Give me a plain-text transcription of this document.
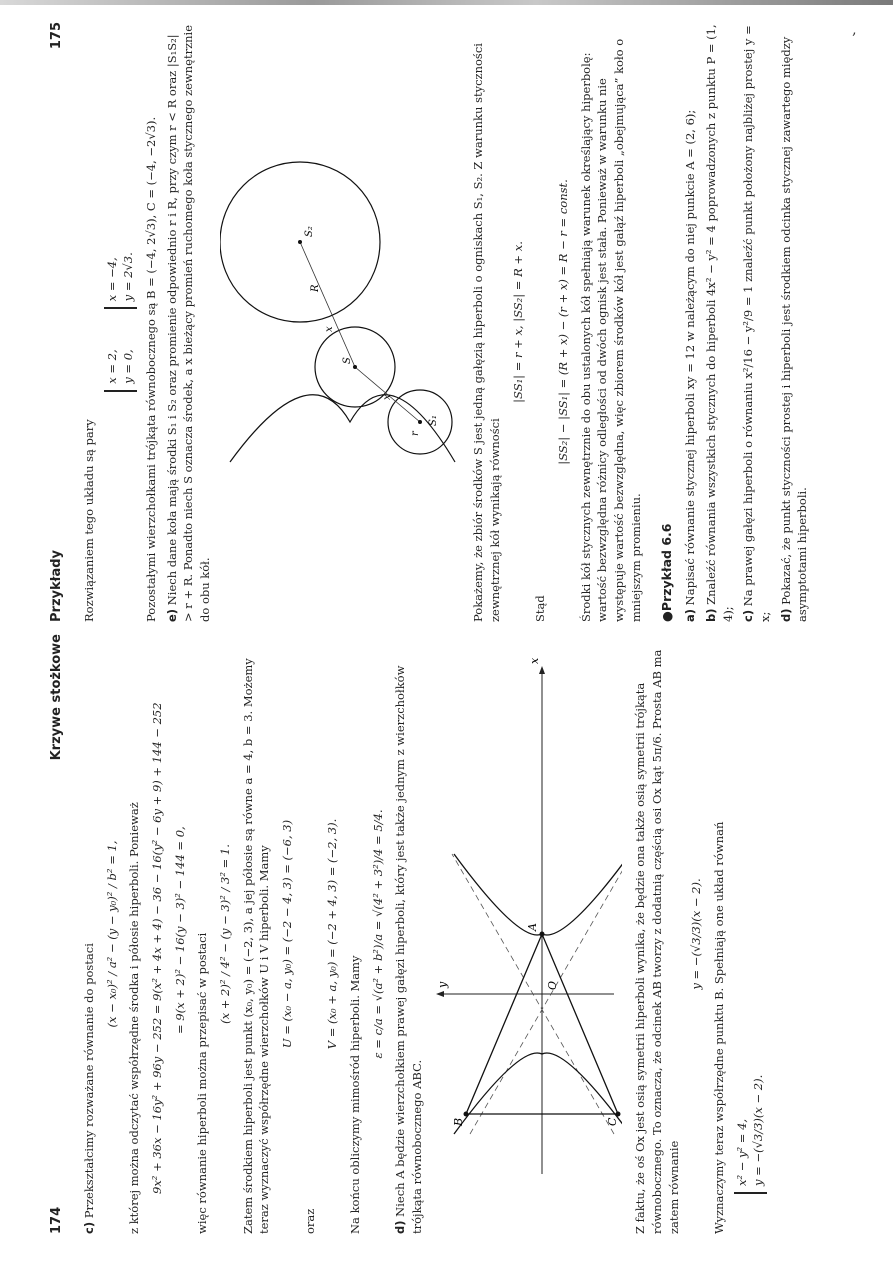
‚
174
Krzywe stożkowe
c) Przekształcimy rozważane równanie do postaci
(x − x₀)² / a² − (y − y₀)² / b² = 1, z której można odczytać współrzędne środka i półosie hiperboli. Ponieważ 9x² + 36x − 16y² + 96y − 252 = 9(x² + 4x + 4) − 36 − 16(y² − 6y + 9) + 144 − 252 = 9(x + 2)² − 16(y − 3)² − 144 = 0,
więc równanie hiperboli można przepisać w postaci (x + 2)² / 4² − (y − 3)² / 3² = 1. Zatem środkiem hiperboli jest punkt (x₀, y₀) = (−2, 3), a jej półosie są równe a = 4, b = 3. Możemy teraz wyznaczyć współrzędne wierzchołków U i V hiperboli. Mamy U = (x₀ − a, y₀) = (−2 − 4, 3) = (−6, 3)
oraz
V = (x₀ + a, y₀) = (−2 + 4, 3) = (−2, 3).
Na końcu obliczymy mimośród hiperboli. Mamy
ε = c/a = √(a² + b²)/a = √(4² + 3²)/4 = 5/4.
d) Niech A będzie wierzchołkiem prawej gałęzi hiperboli, który jest także jednym z wierzchołków trójkąta równobocznego ABC.
x
y
A
B	C
O	Z faktu, że oś Ox jest osią symetrii hiperboli wynika, że będzie ona także osią symetrii trójkąta równobocznego. To oznacza, że odcinek AB tworzy z dodatnią częścią osi Ox kąt 5π/6. Prosta AB ma zatem równanie
y = −(√3/3)(x − 2). Wyznaczymy teraz współrzędne punktu B. Spełniają one układ równań x² − y² = 4, y = −(√3/3)(x − 2).
Przykłady
175
Rozwiązaniem tego układu są pary
x = 2, y = 0,
x = −4, y = 2√3. Pozostałymi wierzchołkami trójkąta równobocznego są B = (−4, 2√3), C = (−4, −2√3). e) Niech dane koła mają środki S₁ i S₂ oraz promienie odpowiednio r i R, przy czym r < R oraz |S₁S₂| > r + R. Ponadto niech S oznacza środek, a x bieżący promień ruchomego koła stycznego zewnętrznie do obu kół.
r
S₁
x
S
x
R
S₂	Pokażemy, że zbiór środków S jest jedną gałęzią hiperboli o ogniskach S₁, S₂. Z warunku styczności zewnętrznej kół wynikają równości
|SS₁| = r + x, |SS₂| = R + x.
Stąd
|SS₂| − |SS₁| = (R + x) − (r + x) = R − r = const. Środki kół stycznych zewnętrznie do obu ustalonych kół spełniają warunek określający hiperbolę: wartość bezwzględna różnicy odległości od dwóch ognisk jest stała. Ponieważ w warunku nie występuje wartość bezwzględna, więc zbiorem środków kół jest gałąź hiperboli „obejmująca” koło o mniejszym promieniu.
● Przykład 6.6
a) Napisać równanie stycznej hiperboli xy = 12 w należącym do niej punkcie A = (2, 6);
b) Znaleźć równania wszystkich stycznych do hiperboli 4x² − y² = 4 poprowadzonych z punktu P = (1, 4); c) Na prawej gałęzi hiperboli o równaniu x²/16 − y²/9 = 1 znaleźć punkt położony najbliżej prostej y = x; d) Pokazać, że punkt styczności prostej i hiperboli jest środkiem odcinka stycznej zawartego między asymptotami hiperboli.
